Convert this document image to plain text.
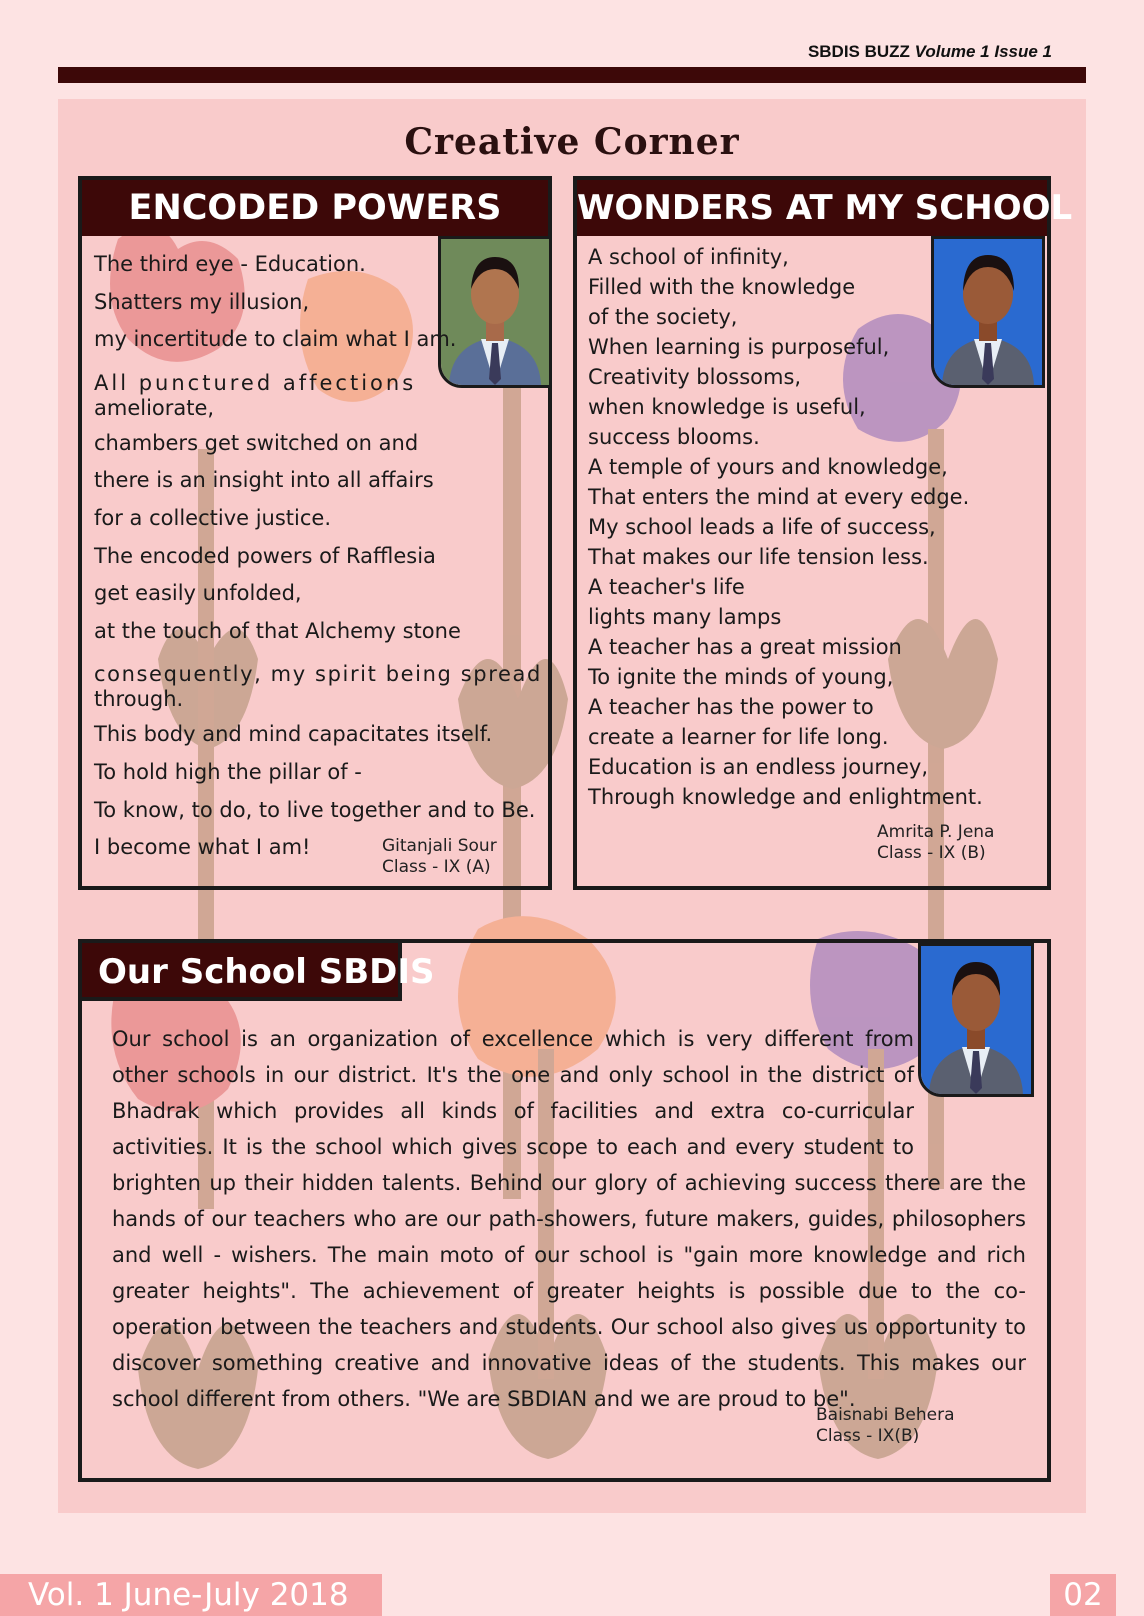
SBDIS BUZZ Volume 1 Issue 1
Creative Corner
ENCODED POWERS
The third eye - Education.
Shatters my illusion,
my incertitude to claim what I am.
All punctured affections
ameliorate,
chambers get switched on and
there is an insight into all affairs
for a collective justice.
The encoded powers of Rafflesia
get easily unfolded,
at the touch of that Alchemy stone
consequently, my spirit being spread
through.
This body and mind capacitates itself.
To hold high the pillar of -
To know, to do, to live together and to Be.
I become what I am!	Gitanjali Sour
Class - IX (A)
WONDERS AT MY SCHOOL
A school of infinity,
Filled with the knowledge
of the society,
When learning is purposeful,
Creativity blossoms,
when knowledge is useful,
success blooms.
A temple of yours and knowledge,
That enters the mind at every edge.
My school leads a life of success,
That makes our life tension less.
A teacher's life
lights many lamps
A teacher has a great mission
To ignite the minds of young,
A teacher has the power to
create a learner for life long.
Education is an endless journey,
Through knowledge and enlightment.
Amrita P. Jena
Class - IX (B)
Our School SBDIS
Our school is an organization of excellence which is very different from other schools in our district. It's the one and only school in the district of Bhadrak which provides all kinds of facilities and extra co-curricular activities. It is the school which gives scope to each and every student to brighten up their hidden talents. Behind our glory of achieving success there are the hands of our teachers who are our path-showers, future makers, guides, philosophers and well - wishers. The main moto of our school is "gain more knowledge and rich greater heights". The achievement of greater heights is possible due to the co-operation between the teachers and students. Our school also gives us opportunity to discover something creative and innovative ideas of the students. This makes our school different from others. "We are SBDIAN and we are proud to be".
Baisnabi Behera
Class - IX(B)
Vol. 1 June-July 2018	02
